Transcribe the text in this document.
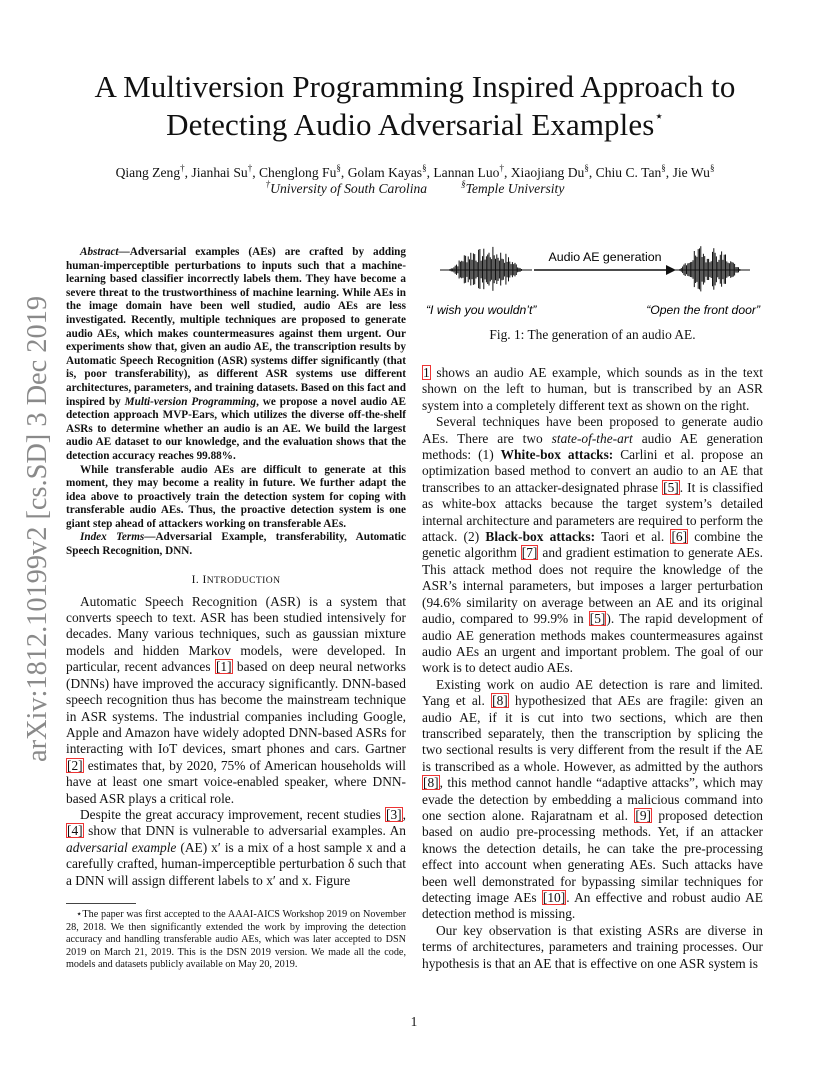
arXiv:1812.10199v2 [cs.SD] 3 Dec 2019
A Multiversion Programming Inspired Approach to
Detecting Audio Adversarial Examples⋆
Qiang Zeng†, Jianhai Su†, Chenglong Fu§, Golam Kayas§, Lannan Luo†, Xiaojiang Du§, Chiu C. Tan§, Jie Wu§
†University of South Carolina	§Temple University

Abstract—Adversarial examples (AEs) are crafted by adding human-imperceptible perturbations to inputs such that a machine-learning based classifier incorrectly labels them. They have become a severe threat to the trustworthiness of machine learning. While AEs in the image domain have been well studied, audio AEs are less investigated. Recently, multiple techniques are proposed to generate audio AEs, which makes countermeasures against them urgent. Our experiments show that, given an audio AE, the transcription results by Automatic Speech Recognition (ASR) systems differ significantly (that is, poor transferability), as different ASR systems use different architectures, parameters, and training datasets. Based on this fact and inspired by Multi-version Programming, we propose a novel audio AE detection approach MVP-Ears, which utilizes the diverse off-the-shelf ASRs to determine whether an audio is an AE. We build the largest audio AE dataset to our knowledge, and the evaluation shows that the detection accuracy reaches 99.88%.

While transferable audio AEs are difficult to generate at this moment, they may become a reality in future. We further adapt the idea above to proactively train the detection system for coping with transferable audio AEs. Thus, the proactive detection system is one giant step ahead of attackers working on transferable AEs.

Index Terms—Adversarial Example, transferability, Automatic Speech Recognition, DNN.

I. INTRODUCTION

Automatic Speech Recognition (ASR) is a system that converts speech to text. ASR has been studied intensively for decades. Many various techniques, such as gaussian mixture models and hidden Markov models, were developed. In particular, recent advances [1] based on deep neural networks (DNNs) have improved the accuracy significantly. DNN-based speech recognition thus has become the mainstream technique in ASR systems. The industrial companies including Google, Apple and Amazon have widely adopted DNN-based ASRs for interacting with IoT devices, smart phones and cars. Gartner [2] estimates that, by 2020, 75% of American households will have at least one smart voice-enabled speaker, where DNN-based ASR plays a critical role.

Despite the great accuracy improvement, recent studies [3], [4] show that DNN is vulnerable to adversarial examples. An adversarial example (AE) x′ is a mix of a host sample x and a carefully crafted, human-imperceptible perturbation δ such that a DNN will assign different labels to x′ and x. Figure

⋆The paper was first accepted to the AAAI-AICS Workshop 2019 on November 28, 2018. We then significantly extended the work by improving the detection accuracy and handling transferable audio AEs, which was later accepted to DSN 2019 on March 21, 2019. This is the DSN 2019 version. We made all the code, models and datasets publicly available on May 20, 2019.
Audio AE generation
“I wish you wouldn’t”	“Open the front door”
Fig. 1: The generation of an audio AE.

1 shows an audio AE example, which sounds as in the text shown on the left to human, but is transcribed by an ASR system into a completely different text as shown on the right.

Several techniques have been proposed to generate audio AEs. There are two state-of-the-art audio AE generation methods: (1) White-box attacks: Carlini et al. propose an optimization based method to convert an audio to an AE that transcribes to an attacker-designated phrase [5]. It is classified as white-box attacks because the target system’s detailed internal architecture and parameters are required to perform the attack. (2) Black-box attacks: Taori et al. [6] combine the genetic algorithm [7] and gradient estimation to generate AEs. This attack method does not require the knowledge of the ASR’s internal parameters, but imposes a larger perturbation (94.6% similarity on average between an AE and its original audio, compared to 99.9% in [5]). The rapid development of audio AE generation methods makes countermeasures against audio AEs an urgent and important problem. The goal of our work is to detect audio AEs.

Existing work on audio AE detection is rare and limited. Yang et al. [8] hypothesized that AEs are fragile: given an audio AE, if it is cut into two sections, which are then transcribed separately, then the transcription by splicing the two sectional results is very different from the result if the AE is transcribed as a whole. However, as admitted by the authors [8], this method cannot handle “adaptive attacks”, which may evade the detection by embedding a malicious command into one section alone. Rajaratnam et al. [9] proposed detection based on audio pre-processing methods. Yet, if an attacker knows the detection details, he can take the pre-processing effect into account when generating AEs. Such attacks have been well demonstrated for bypassing similar techniques for detecting image AEs [10]. An effective and robust audio AE detection method is missing.

Our key observation is that existing ASRs are diverse in terms of architectures, parameters and training processes. Our hypothesis is that an AE that is effective on one ASR system is

1
